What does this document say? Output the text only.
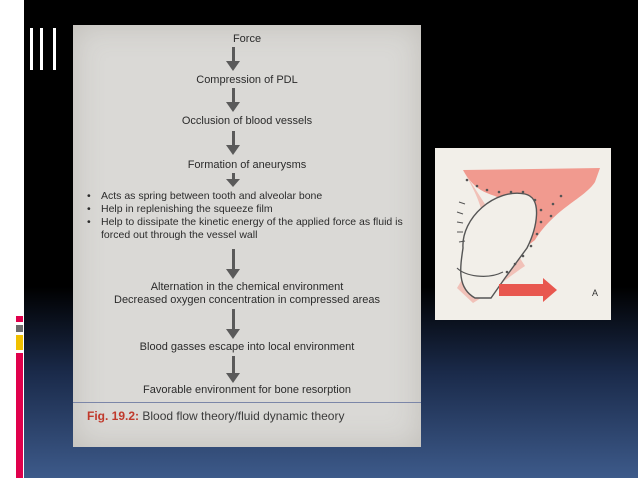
Force
Compression of PDL
Occlusion of blood vessels
Formation of aneurysms
• Acts as spring between tooth and alveolar bone
• Help in replenishing the squeeze film
• Help to dissipate the kinetic energy of the applied force as fluid is forced out through the vessel wall
Alternation in the chemical environment
Decreased oxygen concentration in compressed areas
Blood gasses escape into local environment
Favorable environment for bone resorption
Fig. 19.2: Blood flow theory/fluid dynamic theory
A
